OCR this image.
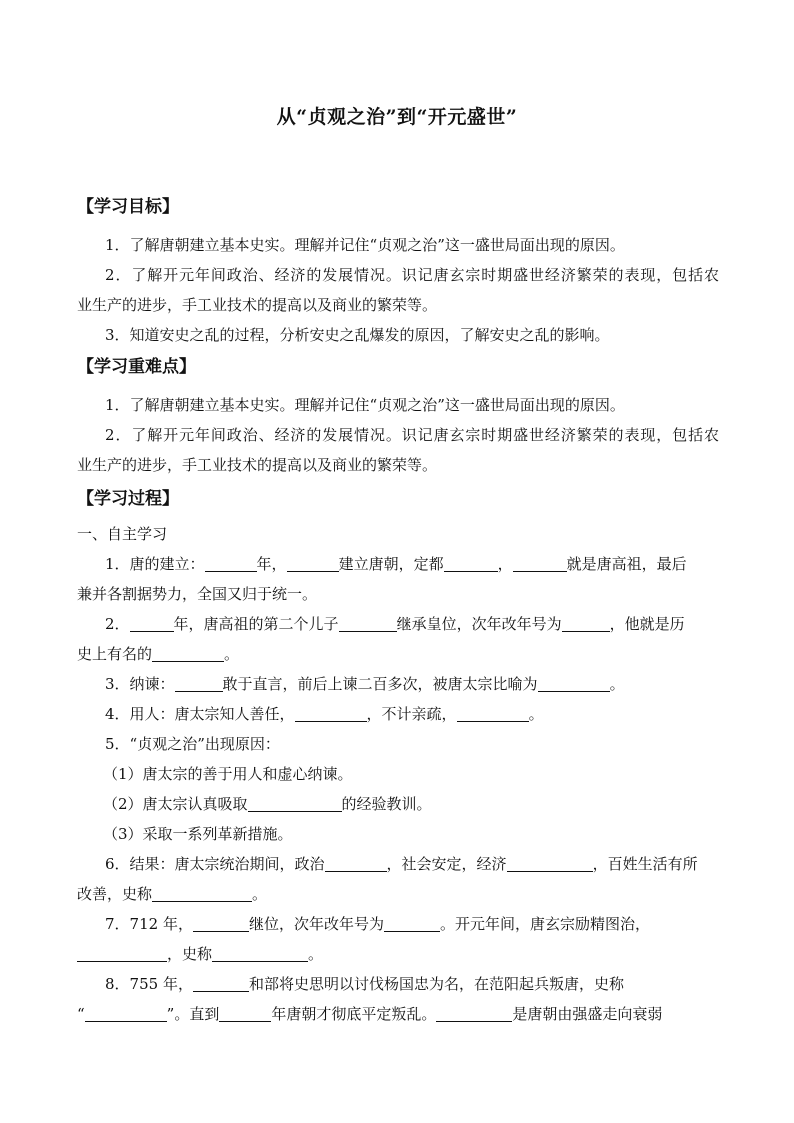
从“贞观之治”到“开元盛世”
【学习目标】
1．了解唐朝建立基本史实。理解并记住“贞观之治”这一盛世局面出现的原因。
2．了解开元年间政治、经济的发展情况。识记唐玄宗时期盛世经济繁荣的表现，包括农
业生产的进步，手工业技术的提高以及商业的繁荣等。
3．知道安史之乱的过程，分析安史之乱爆发的原因，了解安史之乱的影响。
【学习重难点】
1．了解唐朝建立基本史实。理解并记住“贞观之治”这一盛世局面出现的原因。
2．了解开元年间政治、经济的发展情况。识记唐玄宗时期盛世经济繁荣的表现，包括农
业生产的进步，手工业技术的提高以及商业的繁荣等。
【学习过程】
一、自主学习
1．唐的建立：	年，	建立唐朝，定都	，	就是唐高祖，最后
兼并各割据势力，全国又归于统一。
2．	年，唐高祖的第二个儿子	继承皇位，次年改年号为	，他就是历
史上有名的	。
3．纳谏：	敢于直言，前后上谏二百多次，被唐太宗比喻为	。
4．用人：唐太宗知人善任，	，不计亲疏，	。
5．“贞观之治”出现原因：
（1）唐太宗的善于用人和虚心纳谏。
（2）唐太宗认真吸取	的经验教训。
（3）采取一系列革新措施。
6．结果：唐太宗统治期间，政治	，社会安定，经济	，百姓生活有所
改善，史称	。
7．712 年，	继位，次年改年号为	。开元年间，唐玄宗励精图治，
，史称	。
8．755 年，	和部将史思明以讨伐杨国忠为名，在范阳起兵叛唐，史称
“	”。直到	年唐朝才彻底平定叛乱。	是唐朝由强盛走向衰弱
